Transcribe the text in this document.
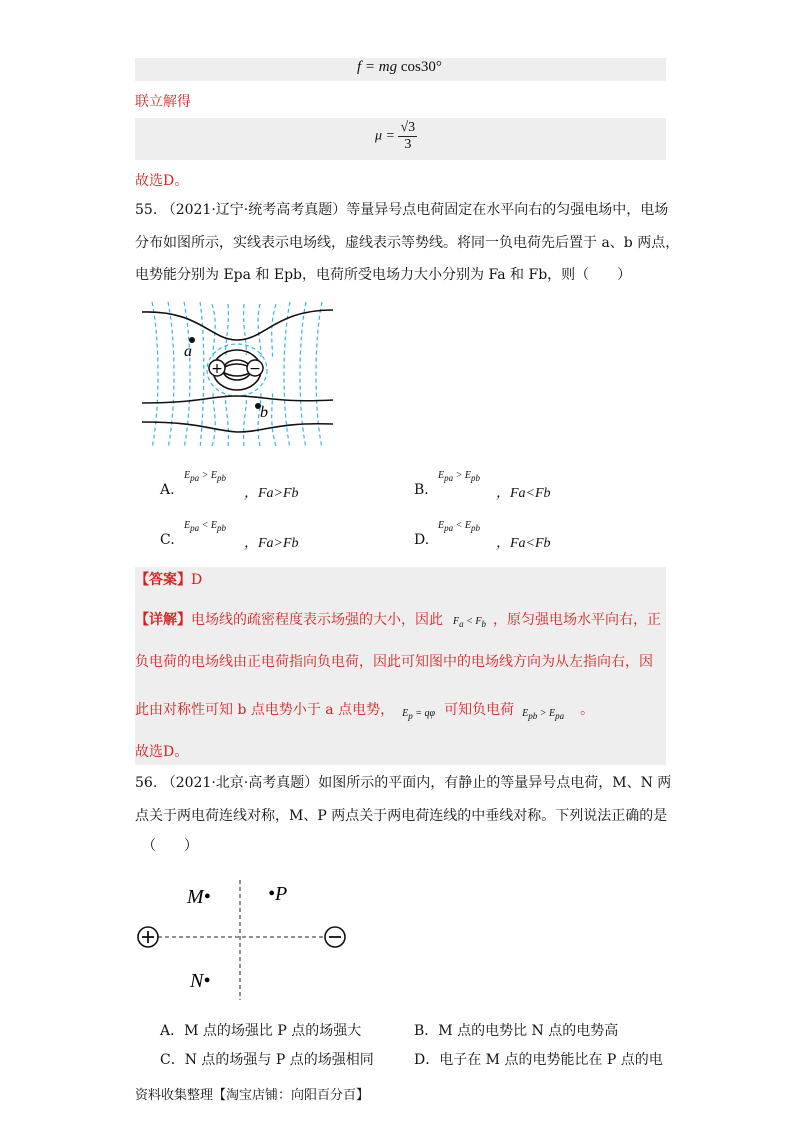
f = mg cos30°
联立解得
$\mu = \frac{√3}{3}$
故选D。
55. （2021·辽宁·统考高考真题）等量异号点电荷固定在水平向右的匀强电场中，电场
分布如图所示，实线表示电场线，虚线表示等势线。将同一负电荷先后置于 a、b 两点，
电势能分别为 Epa 和 Epb，电荷所受电场力大小分别为 Fa 和 Fb，则（　　）
+ −
a
b
A.
$E_{pa} > E_{pb}$
，Fa>Fb	B.
$E_{pa} > E_{pb}$
，Fa<Fb
C.
$E_{pa} < E_{pb}$
，Fa>Fb	D.
$E_{pa} < E_{pb}$
，Fa<Fb
【答案】D
【详解】电场线的疏密程度表示场强的大小，因此 $F_a < F_b$ ，原匀强电场水平向右，正
负电荷的电场线由正电荷指向负电荷，因此可知图中的电场线方向为从左指向右，因
此由对称性可知 b 点电势小于 a 点电势， $E_p = q\varphi$ 可知负电荷 $E_{pb} > E_{pa}$ 。
故选D。
56. （2021·北京·高考真题）如图所示的平面内，有静止的等量异号点电荷，M、N 两
点关于两电荷连线对称，M、P 两点关于两电荷连线的中垂线对称。下列说法正确的是
（　　）
M•	•P
N•
A．M 点的场强比 P 点的场强大	B．M 点的电势比 N 点的电势高
C．N 点的场强与 P 点的场强相同	D．电子在 M 点的电势能比在 P 点的电
资料收集整理【淘宝店铺：向阳百分百】
